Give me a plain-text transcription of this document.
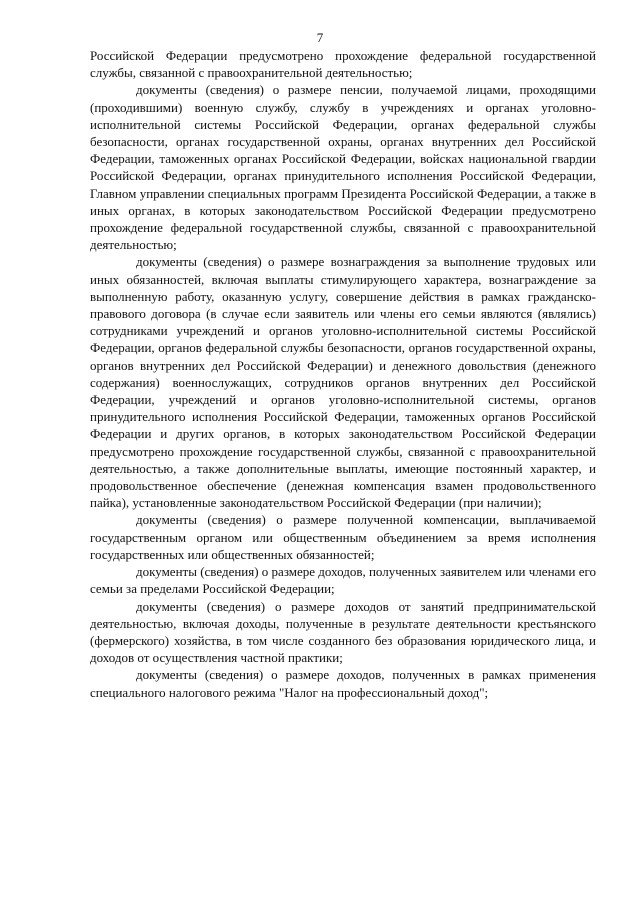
7

Российской Федерации предусмотрено прохождение федеральной государственной службы, связанной с правоохранительной деятельностью;

документы (сведения) о размере пенсии, получаемой лицами, проходящими (проходившими) военную службу, службу в учреждениях и органах уголовно-исполнительной системы Российской Федерации, органах федеральной службы безопасности, органах государственной охраны, органах внутренних дел Российской Федерации, таможенных органах Российской Федерации, войсках национальной гвардии Российской Федерации, органах принудительного исполнения Российской Федерации, Главном управлении специальных программ Президента Российской Федерации, а также в иных органах, в которых законодательством Российской Федерации предусмотрено прохождение федеральной государственной службы, связанной с правоохранительной деятельностью;

документы (сведения) о размере вознаграждения за выполнение трудовых или иных обязанностей, включая выплаты стимулирующего характера, вознаграждение за выполненную работу, оказанную услугу, совершение действия в рамках гражданско-правового договора (в случае если заявитель или члены его семьи являются (являлись) сотрудниками учреждений и органов уголовно-исполнительной системы Российской Федерации, органов федеральной службы безопасности, органов государственной охраны, органов внутренних дел Российской Федерации) и денежного довольствия (денежного содержания) военнослужащих, сотрудников органов внутренних дел Российской Федерации, учреждений и органов уголовно-исполнительной системы, органов принудительного исполнения Российской Федерации, таможенных органов Российской Федерации и других органов, в которых законодательством Российской Федерации предусмотрено прохождение государственной службы, связанной с правоохранительной деятельностью, а также дополнительные выплаты, имеющие постоянный характер, и продовольственное обеспечение (денежная компенсация взамен продовольственного пайка), установленные законодательством Российской Федерации (при наличии);

документы (сведения) о размере полученной компенсации, выплачиваемой государственным органом или общественным объединением за время исполнения государственных или общественных обязанностей;

документы (сведения) о размере доходов, полученных заявителем или членами его семьи за пределами Российской Федерации;

документы (сведения) о размере доходов от занятий предпринимательской деятельностью, включая доходы, полученные в результате деятельности крестьянского (фермерского) хозяйства, в том числе созданного без образования юридического лица, и доходов от осуществления частной практики;

документы (сведения) о размере доходов, полученных в рамках применения специального налогового режима "Налог на профессиональный доход";
